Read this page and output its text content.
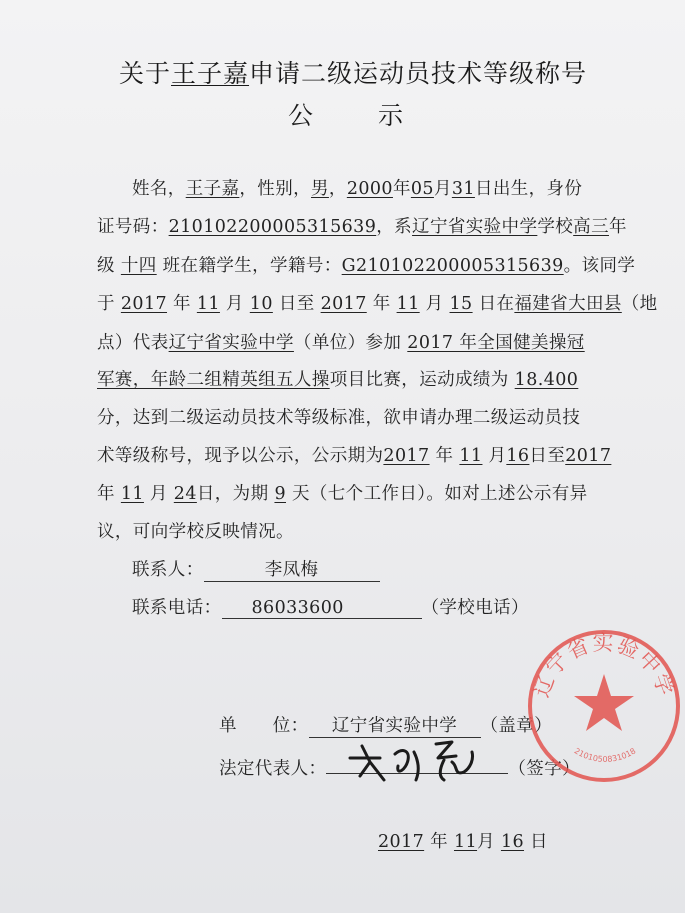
关于王子嘉申请二级运动员技术等级称号
公　示
姓名，王子嘉，性别，男，2000年05月31日出生，身份
证号码：210102200005315639，系辽宁省实验中学学校高三年
级 十四 班在籍学生，学籍号：G210102200005315639。该同学
于 2017 年 11 月 10 日至 2017 年 11 月 15 日在福建省大田县（地
点）代表辽宁省实验中学（单位）参加 2017 年全国健美操冠
军赛，年龄二组精英组五人操项目比赛，运动成绩为 18.400
分，达到二级运动员技术等级标准，欲申请办理二级运动员技
术等级称号，现予以公示，公示期为2017 年 11 月16日至2017
年 11 月 24日，为期 9 天（七个工作日）。如对上述公示有异
议，可向学校反映情况。
联系人：	李凤梅
联系电话： 86033600	（学校电话）
单　　位： 辽宁省实验中学 （盖章）
法定代表人：	（签字）
2017 年 11月 16 日
辽宁省实验中学
2101050831018
